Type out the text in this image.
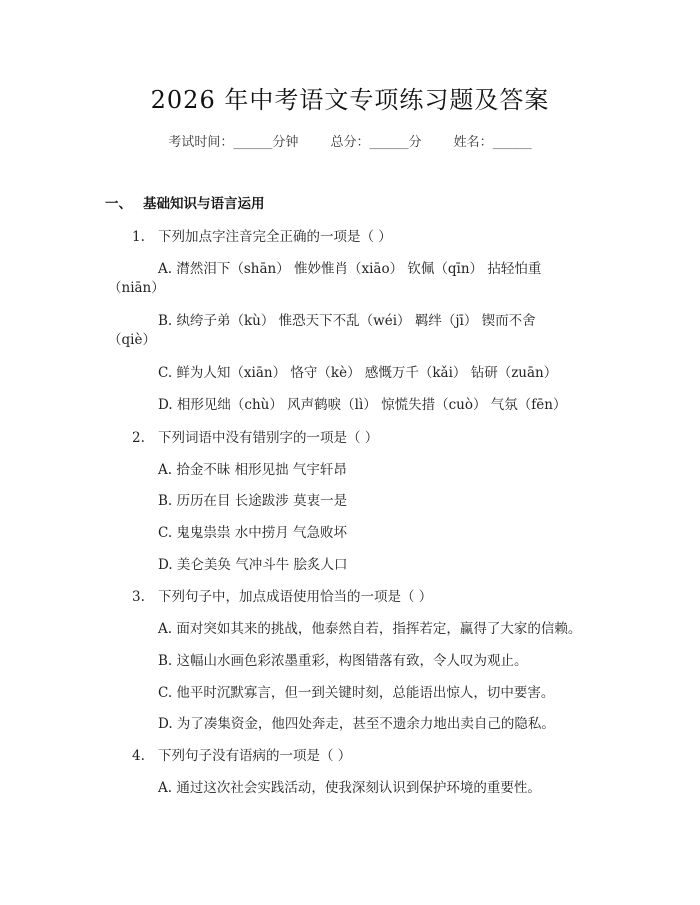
2026 年中考语文专项练习题及答案
考试时间：______分钟 总分：______分 姓名：______
一、 基础知识与语言运用
1. 下列加点字注音完全正确的一项是（ ）
A. 潸然泪下（shān） 惟妙惟肖（xiāo） 钦佩（qīn） 拈轻怕重
（niān）
B. 纨绔子弟（kù） 惟恐天下不乱（wéi） 羁绊（jī） 锲而不舍
（qiè）
C. 鲜为人知（xiān） 恪守（kè） 感慨万千（kǎi） 钻研（zuān）
D. 相形见绌（chù） 风声鹤唳（lì） 惊慌失措（cuò） 气氛（fēn）
2. 下列词语中没有错别字的一项是（ ）
A. 拾金不昧 相形见拙 气宇轩昂
B. 历历在目 长途跋涉 莫衷一是
C. 鬼鬼祟祟 水中捞月 气急败坏
D. 美仑美奂 气冲斗牛 脍炙人口
3. 下列句子中，加点成语使用恰当的一项是（ ）
A. 面对突如其来的挑战，他泰然自若，指挥若定，赢得了大家的信赖。
B. 这幅山水画色彩浓墨重彩，构图错落有致，令人叹为观止。
C. 他平时沉默寡言，但一到关键时刻，总能语出惊人，切中要害。
D. 为了凑集资金，他四处奔走，甚至不遗余力地出卖自己的隐私。
4. 下列句子没有语病的一项是（ ）
A. 通过这次社会实践活动，使我深刻认识到保护环境的重要性。
